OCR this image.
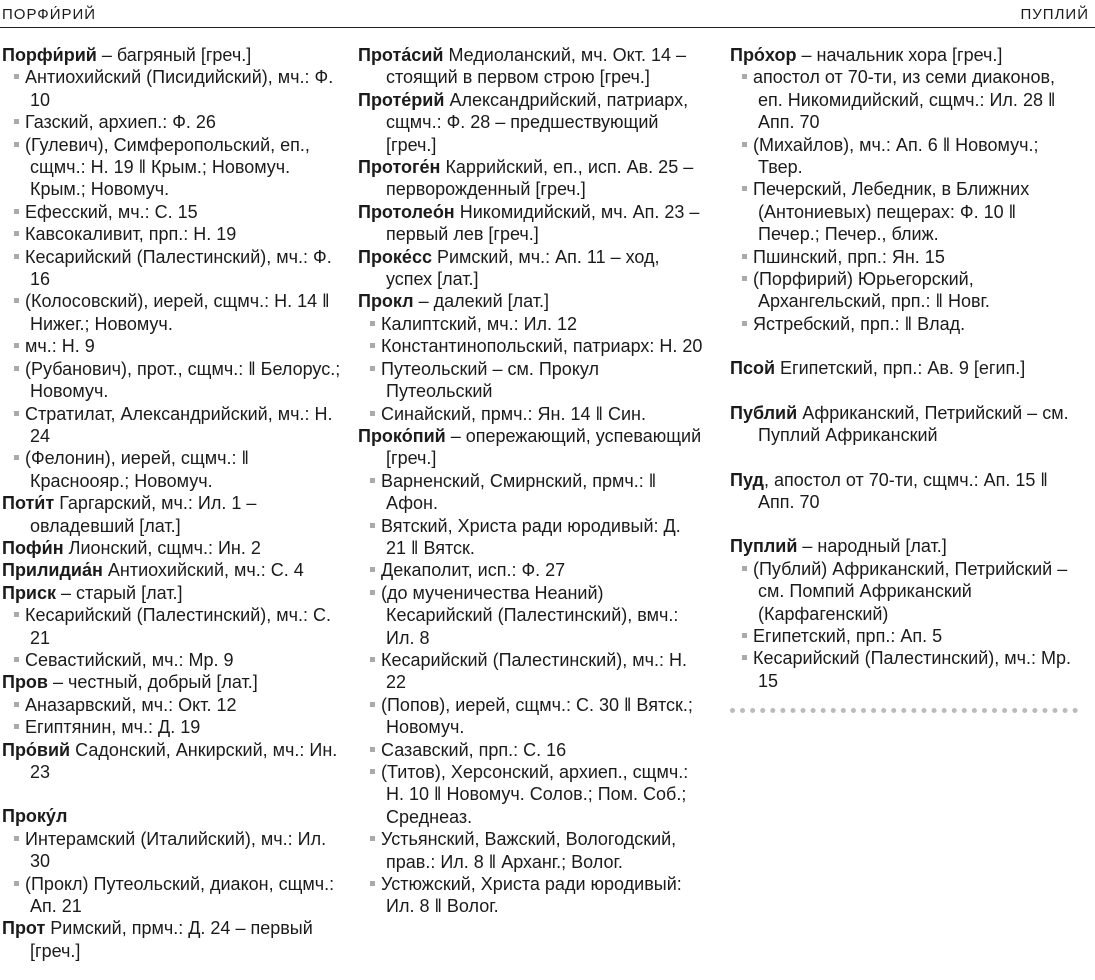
ПОРФИ́РИЙ	ПУПЛИЙ

Порфи́рий – багряный [греч.]

Антиохийский (Писидийский), мч.: Ф. 10

Газский, архиеп.: Ф. 26

(Гулевич), Симферопольский, еп., сщмч.: Н. 19 ‖ Крым.; Новомуч. Крым.; Новомуч.

Ефесский, мч.: С. 15

Кавсокаливит, прп.: Н. 19

Кесарийский (Палестинский), мч.: Ф. 16

(Колосовский), иерей, сщмч.: Н. 14 ‖ Нижег.; Новомуч.

мч.: Н. 9

(Рубанович), прот., сщмч.: ‖ Белорус.; Новомуч.

Стратилат, Александрийский, мч.: Н. 24

(Фелонин), иерей, сщмч.: ‖ Красноояр.; Новомуч.

Поти́т Гаргарский, мч.: Ил. 1 – овладевший [лат.]

Пофи́н Лионский, сщмч.: Ин. 2

Прилидиа́н Антиохийский, мч.: С. 4

Приск – старый [лат.]

Кесарийский (Палестинский), мч.: С. 21

Севастийский, мч.: Мр. 9

Пров – честный, добрый [лат.]

Аназарвский, мч.: Окт. 12

Египтянин, мч.: Д. 19

Про́вий Садонский, Анкирский, мч.: Ин. 23

Проку́л

Интерамский (Италийский), мч.: Ил. 30

(Прокл) Путеольский, диакон, сщмч.: Ап. 21

Прот Римский, прмч.: Д. 24 – первый [греч.]

Прота́сий Медиоланский, мч. Окт. 14 – стоящий в первом строю [греч.]

Проте́рий Александрийский, патриарх, сщмч.: Ф. 28 – предшествующий [греч.]

Протоге́н Каррийский, еп., исп. Ав. 25 – перворожденный [греч.]

Протолео́н Никомидийский, мч. Ап. 23 – первый лев [греч.]

Проке́сс Римский, мч.: Ап. 11 – ход, успех [лат.]

Прокл – далекий [лат.]

Калиптский, мч.: Ил. 12

Константинопольский, патриарх: Н. 20

Путеольский – см. Прокул Путеольский

Синайский, прмч.: Ян. 14 ‖ Син.

Проко́пий – опережающий, успевающий [греч.]

Варненский, Смирнский, прмч.: ‖ Афон.

Вятский, Христа ради юродивый: Д. 21 ‖ Вятск.

Декаполит, исп.: Ф. 27

(до мученичества Неаний) Кесарийский (Палестинский), вмч.: Ил. 8

Кесарийский (Палестинский), мч.: Н. 22

(Попов), иерей, сщмч.: С. 30 ‖ Вятск.; Новомуч.

Сазавский, прп.: С. 16

(Титов), Херсонский, архиеп., сщмч.: Н. 10 ‖ Новомуч. Солов.; Пом. Соб.; Среднеаз.

Устьянский, Важский, Вологодский, прав.: Ил. 8 ‖ Арханг.; Волог.

Устюжский, Христа ради юродивый: Ил. 8 ‖ Волог.

Про́хор – начальник хора [греч.]

апостол от 70-ти, из семи диаконов, еп. Никомидийский, сщмч.: Ил. 28 ‖ Апп. 70

(Михайлов), мч.: Ап. 6 ‖ Новомуч.; Твер.

Печерский, Лебедник, в Ближних (Антониевых) пещерах: Ф. 10 ‖ Печер.; Печер., ближ.

Пшинский, прп.: Ян. 15

(Порфирий) Юрьегорский, Архангельский, прп.: ‖ Новг.

Ястребский, прп.: ‖ Влад.

Псой Египетский, прп.: Ав. 9 [егип.]

Публий Африканский, Петрийский – см. Пуплий Африканский

Пуд, апостол от 70-ти, сщмч.: Ап. 15 ‖ Апп. 70

Пуплий – народный [лат.]

(Публий) Африканский, Петрийский – см. Помпий Африканский (Карфагенский)

Египетский, прп.: Ап. 5

Кесарийский (Палестинский), мч.: Мр. 15
